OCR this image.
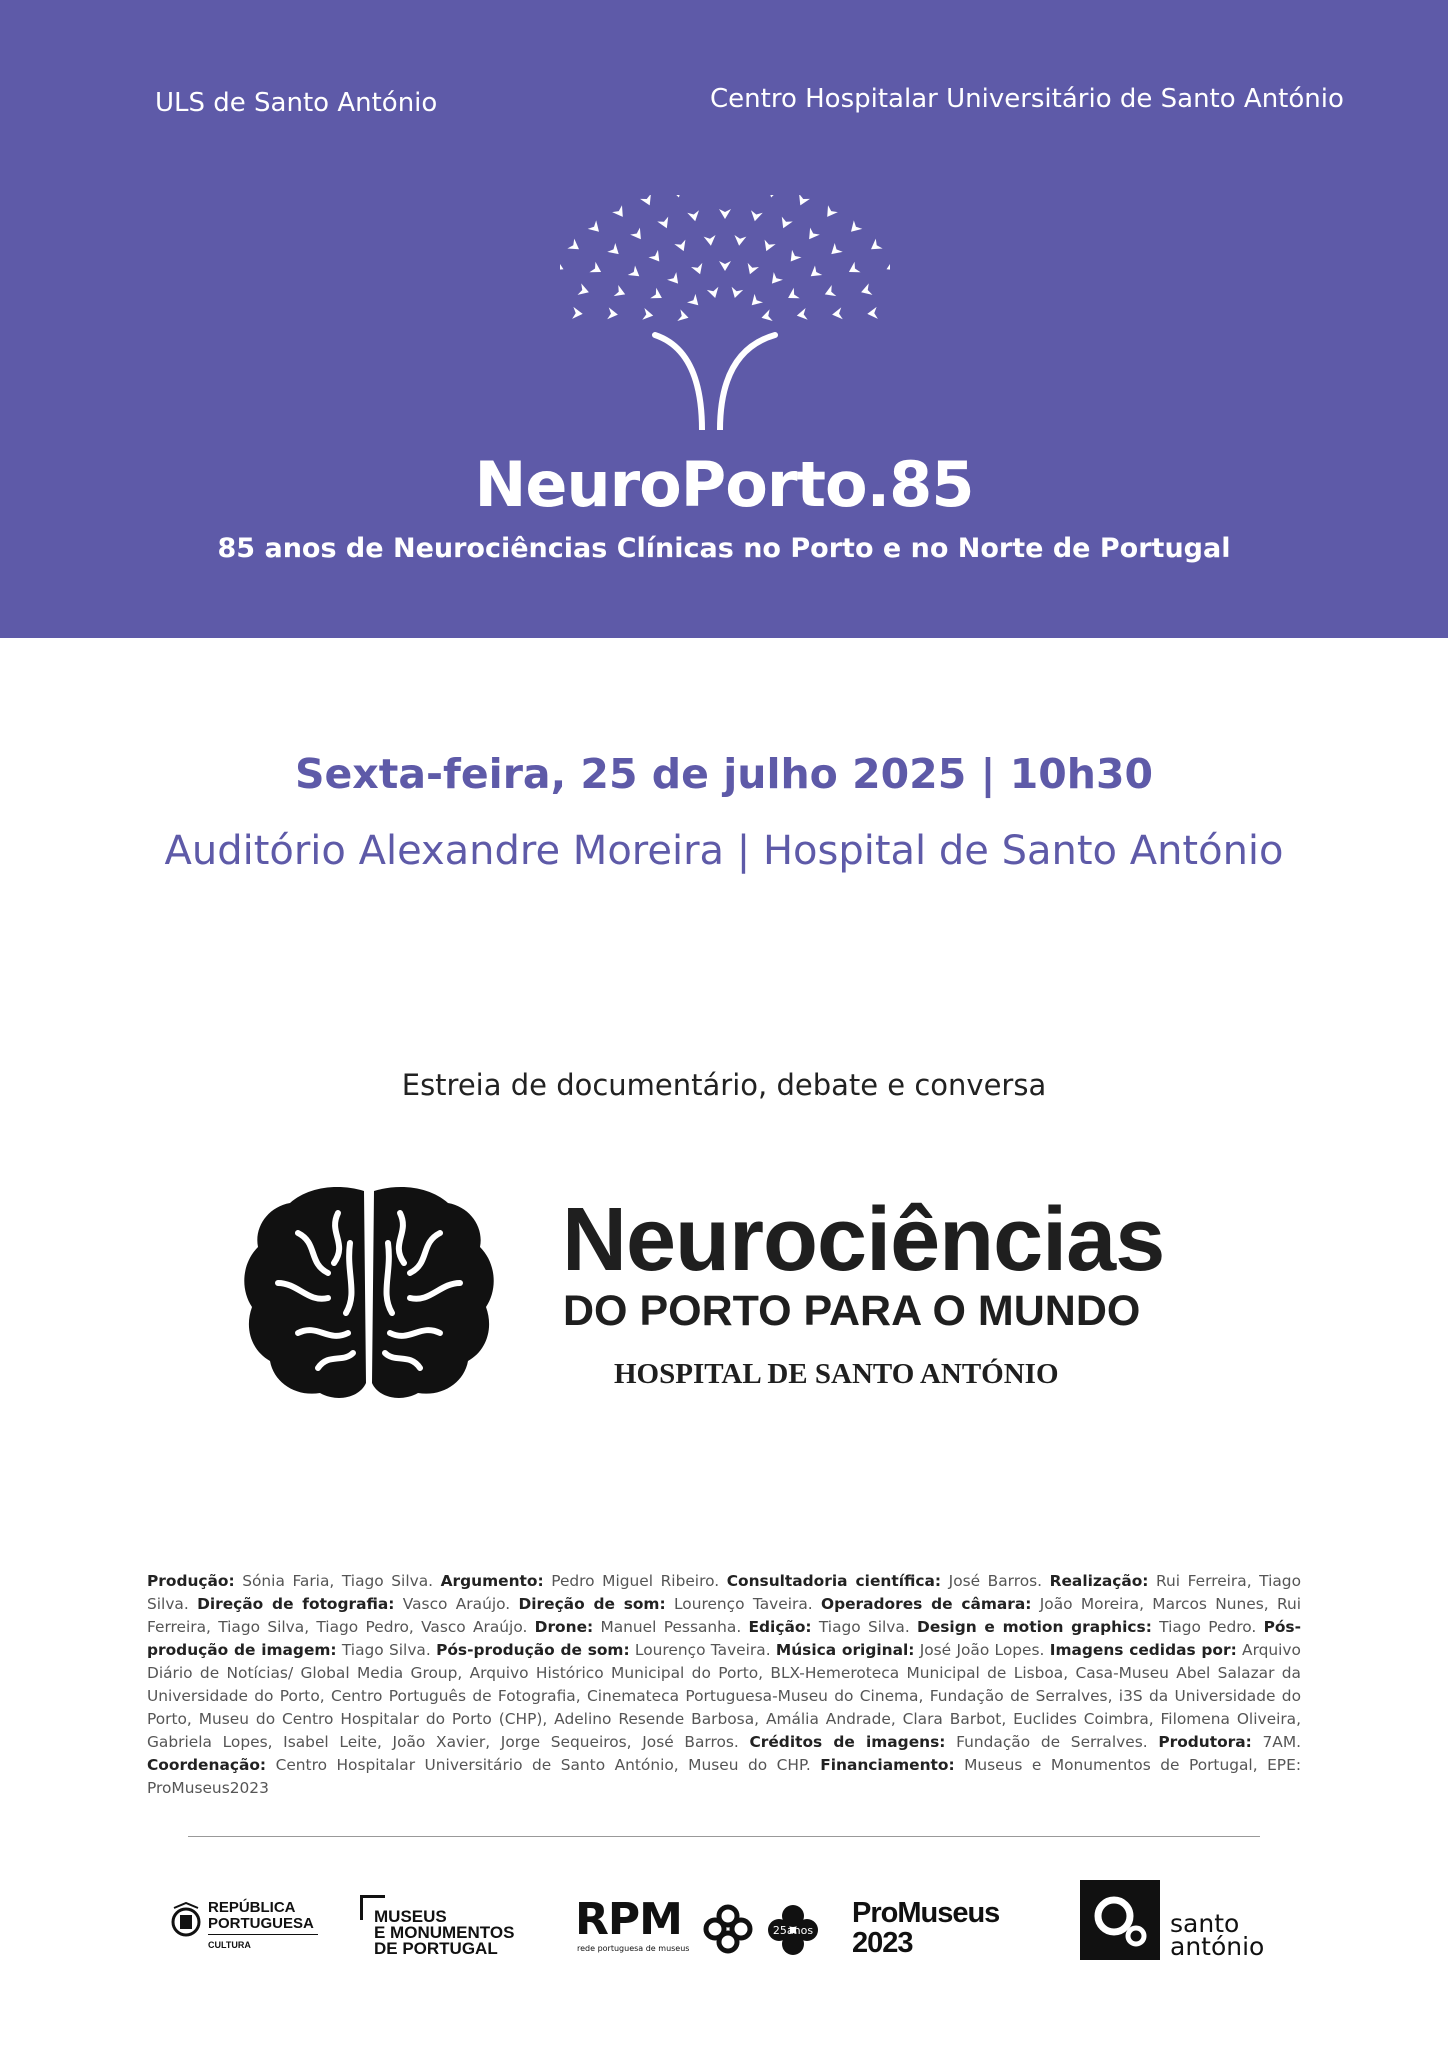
ULS de Santo António	Centro Hospitalar Universitário de Santo António
NeuroPorto.85
85 anos de Neurociências Clínicas no Porto e no Norte de Portugal
Sexta-feira, 25 de julho 2025 | 10h30
Auditório Alexandre Moreira | Hospital de Santo António
Estreia de documentário, debate e conversa
Neurociências
DO PORTO PARA O MUNDO
HOSPITAL DE SANTO ANTÓNIO
Produção: Sónia Faria, Tiago Silva. Argumento: Pedro Miguel Ribeiro. Consultadoria científica: José Barros. Realização: Rui Ferreira, Tiago Silva. Direção de fotografia: Vasco Araújo. Direção de som: Lourenço Taveira. Operadores de câmara: João Moreira, Marcos Nunes, Rui Ferreira, Tiago Silva, Tiago Pedro, Vasco Araújo. Drone: Manuel Pessanha. Edição: Tiago Silva. Design e motion graphics: Tiago Pedro. Pós-produção de imagem: Tiago Silva. Pós-produção de som: Lourenço Taveira. Música original: José João Lopes. Imagens cedidas por: Arquivo Diário de Notícias/ Global Media Group, Arquivo Histórico Municipal do Porto, BLX-Hemeroteca Municipal de Lisboa, Casa-Museu Abel Salazar da Universidade do Porto, Centro Português de Fotografia, Cinemateca Portuguesa-Museu do Cinema, Fundação de Serralves, i3S da Universidade do Porto, Museu do Centro Hospitalar do Porto (CHP), Adelino Resende Barbosa, Amália Andrade, Clara Barbot, Euclides Coimbra, Filomena Oliveira, Gabriela Lopes, Isabel Leite, João Xavier, Jorge Sequeiros, José Barros. Créditos de imagens: Fundação de Serralves. Produtora: 7AM. Coordenação: Centro Hospitalar Universitário de Santo António, Museu do CHP. Financiamento: Museus e Monumentos de Portugal, EPE: ProMuseus2023
REPÚBLICA
PORTUGUESA
CULTURA
MUSEUS
E MONUMENTOS
DE PORTUGAL
RPM
rede portuguesa de museus
25anos
ProMuseus
2023
santo
antónio
